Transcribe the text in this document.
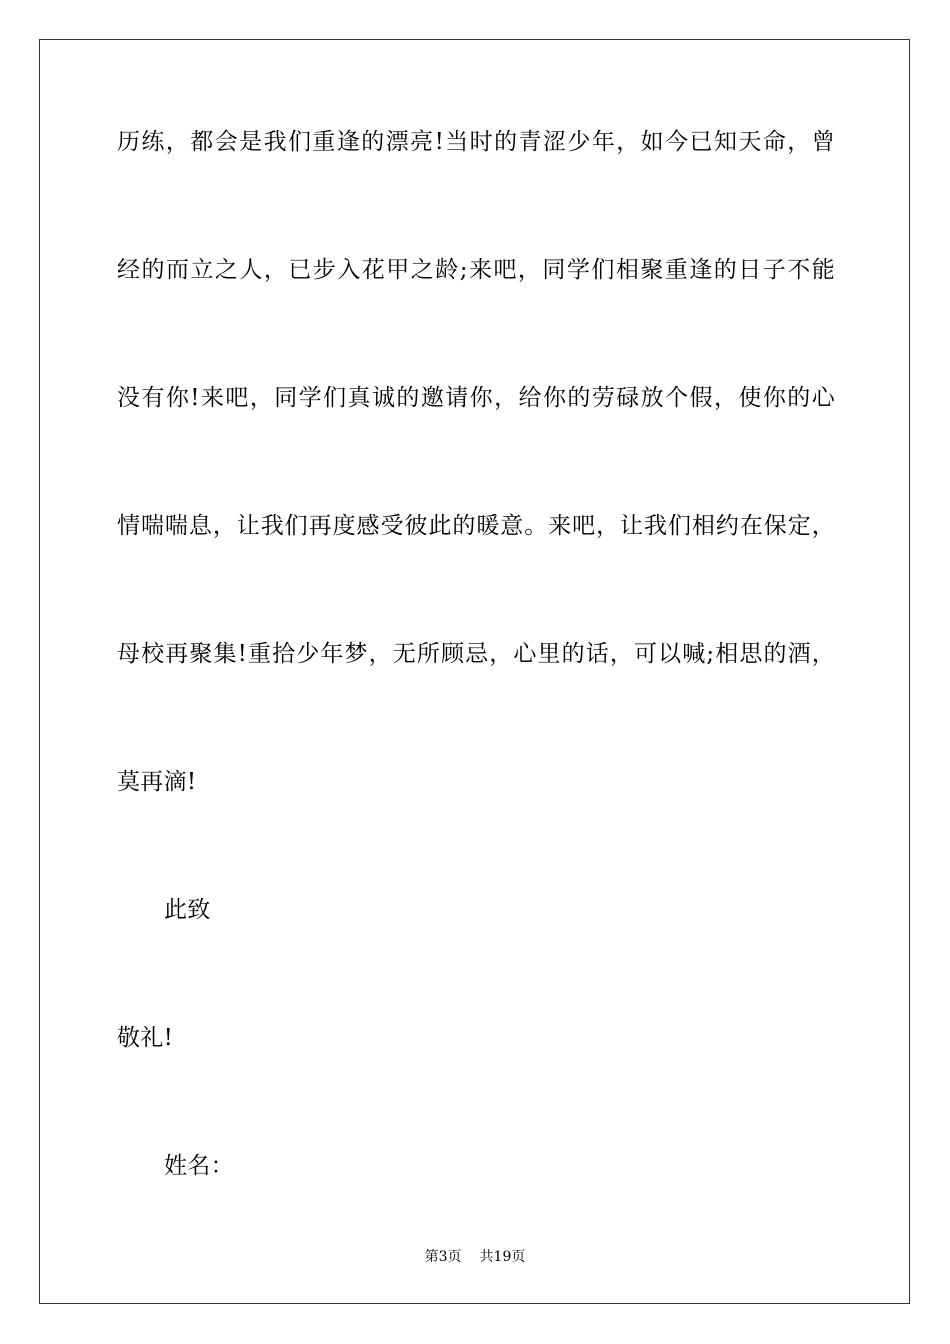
历练，都会是我们重逢的漂亮!当时的青涩少年，如今已知天命，曾
经的而立之人，已步入花甲之龄;来吧，同学们相聚重逢的日子不能
没有你!来吧，同学们真诚的邀请你，给你的劳碌放个假，使你的心
情喘喘息，让我们再度感受彼此的暖意。来吧，让我们相约在保定，
母校再聚集!重拾少年梦，无所顾忌，心里的话，可以喊;相思的酒，
莫再滴!
此致
敬礼!
姓名：
第3页 共19页
